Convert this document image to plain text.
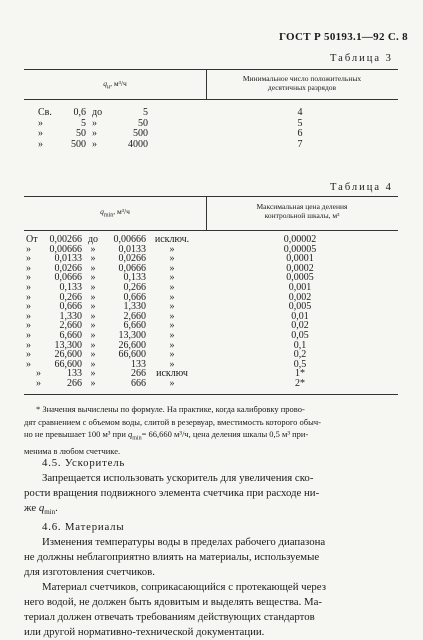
ГОСТ Р 50193.1—92 С. 8
Таблица 3
$q_н$, м³/ч
Минимальное число положительных
десятичных разрядов
Св.	0,6 до	5	4
»	5 »	50	5
»	50 »	500	6
»	500 »	4000	7
Таблица 4
$q_{min}$, м³/ч
Максимальная цена деления
контрольной шкалы, м³
От	0,00266 до	0,00666 исключ.	0,00002
»	0,00666 »	0,0133	»	0,00005
»	0,0133 »	0,0266	»	0,0001
»	0,0266 »	0,0666	»	0,0002
»	0,0666 »	0,133	»	0,0005
»	0,133 »	0,266	»	0,001
»	0,266 »	0,666	»	0,002
»	0,666 »	1,330	»	0,005
»	1,330 »	2,660	»	0,01
»	2,660 »	6,660	»	0,02
»	6,660 »	13,300	»	0,05
»	13,300 »	26,600	»	0,1
»	26,600 »	66,600	»	0,2
»	66,600 »	133	»	0,5
»	133 »	266	исключ	1*
»	266 »	666	»	2*
* Значения вычислены по формуле. На практике, когда калибровку прово-
дят сравнением с объемом воды, слитой в резервуар, вместимость которого обыч-
но не превышает 100 м³ при $q_{min}= 66,660$ м³/ч, цена деления шкалы 0,5 м³ при-
менима в любом счетчике.
4.5. Ускоритель
Запрещается использовать ускоритель для увеличения ско-
рости вращения подвижного элемента счетчика при расходе ни-
же $q_{min}$.
4.6. Материалы
Изменения температуры воды в пределах рабочего диапазона
не должны неблагоприятно влиять на материалы, используемые
для изготовления счетчиков.
Материал счетчиков, соприкасающийся с протекающей через
него водой, не должен быть ядовитым и выделять вещества. Ма-
териал должен отвечать требованиям действующих стандартов
или другой нормативно-технической документации.
